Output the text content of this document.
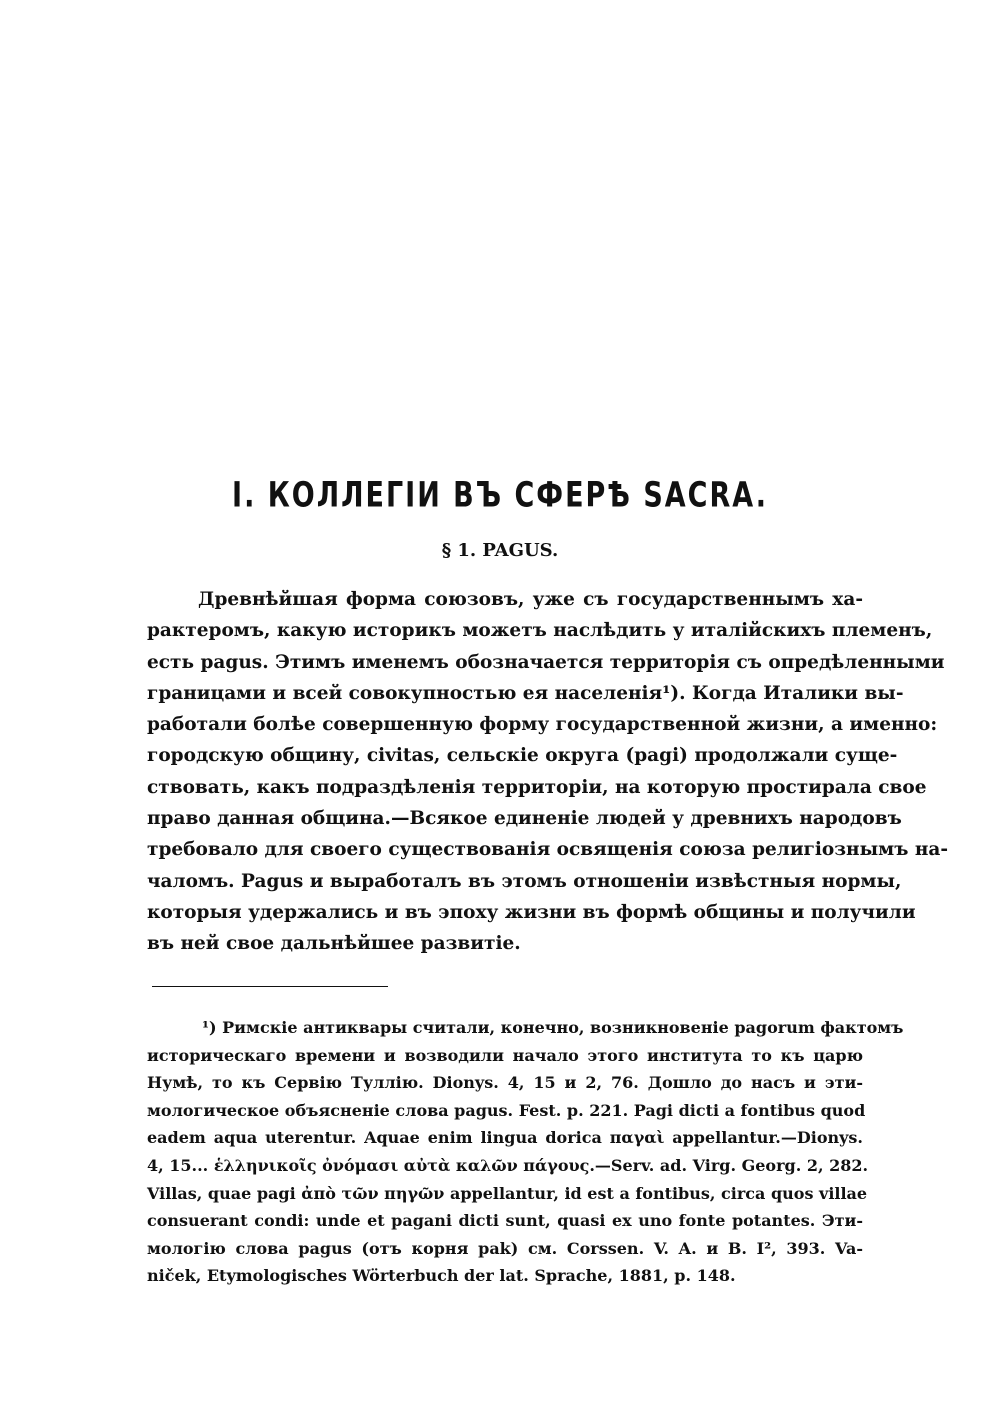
I. КОЛЛЕГIИ ВЪ СФЕРѢ SACRA.
§ 1. PAGUS.
Древнѣйшая форма союзовъ, уже съ государственнымъ ха-
рактеромъ, какую историкъ можетъ наслѣдить у италійскихъ племенъ,
есть pagus. Этимъ именемъ обозначается территорія съ опредѣленными
границами и всей совокупностью ея населенія¹). Когда Италики вы-
работали болѣе совершенную форму государственной жизни, а именно:
городскую общину, civitas, сельскіе округа (pagi) продолжали суще-
ствовать, какъ подраздѣленія территоріи, на которую простирала свое
право данная община.—Всякое единеніе людей у древнихъ народовъ
требовало для своего существованія освященія союза религіознымъ на-
чаломъ. Pagus и выработалъ въ этомъ отношеніи извѣстныя нормы,
которыя удержались и въ эпоху жизни въ формѣ общины и получили
въ ней свое дальнѣйшее развитіе.
¹) Римскіе антиквары считали, конечно, возникновеніе pagorum фактомъ
историческаго времени и возводили начало этого института то къ царю
Нумѣ, то къ Сервію Туллію. Dionys. 4, 15 и 2, 76. Дошло до насъ и эти-
мологическое объясненіе слова pagus. Fest. p. 221. Pagi dicti a fontibus quod
eadem aqua uterentur. Aquae enim lingua dorica παγαὶ appellantur.—Dionys.
4, 15... ἑλληνικοῖς ὀνόμασι αὐτὰ καλῶν πάγους.—Serv. ad. Virg. Georg. 2, 282.
Villas, quae pagi ἀπὸ τῶν πηγῶν appellantur, id est a fontibus, circa quos villae
consuerant condi: unde et pagani dicti sunt, quasi ex uno fonte potantes. Эти-
мологію слова pagus (отъ корня pak) см. Corssen. V. A. и B. I², 393. Va-
niček, Etymologisches Wörterbuch der lat. Sprache, 1881, p. 148.
